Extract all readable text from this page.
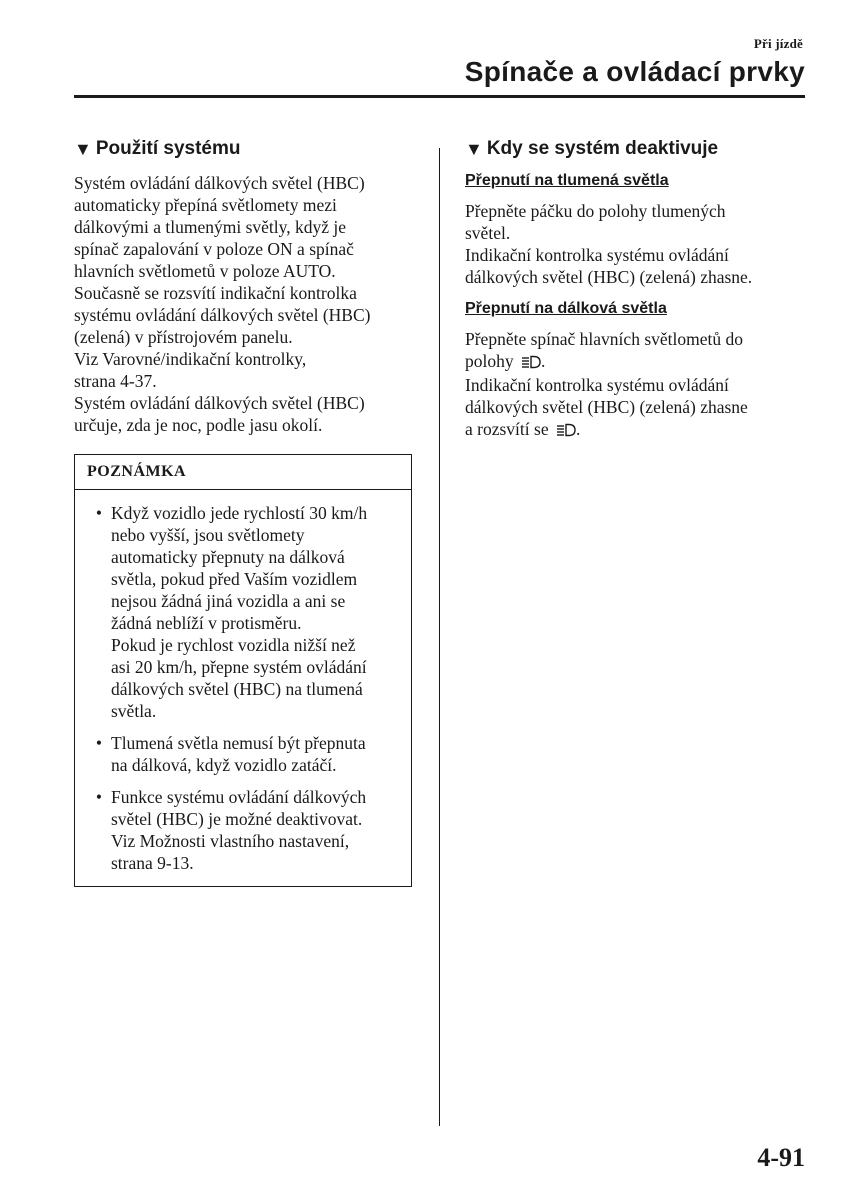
Při jízdě
Spínače a ovládací prvky
▼ Použití systému
Systém ovládání dálkových světel (HBC)
automaticky přepíná světlomety mezi
dálkovými a tlumenými světly, když je
spínač zapalování v poloze ON a spínač
hlavních světlometů v poloze AUTO.
Současně se rozsvítí indikační kontrolka
systému ovládání dálkových světel (HBC)
(zelená) v přístrojovém panelu.
Viz Varovné/indikační kontrolky,
strana 4-37.
Systém ovládání dálkových světel (HBC)
určuje, zda je noc, podle jasu okolí.
POZNÁMKA
• Když vozidlo jede rychlostí 30 km/h
nebo vyšší, jsou světlomety
automaticky přepnuty na dálková
světla, pokud před Vaším vozidlem
nejsou žádná jiná vozidla a ani se
žádná neblíží v protisměru.
Pokud je rychlost vozidla nižší než
asi 20 km/h, přepne systém ovládání
dálkových světel (HBC) na tlumená
světla.
• Tlumená světla nemusí být přepnuta
na dálková, když vozidlo zatáčí.
• Funkce systému ovládání dálkových
světel (HBC) je možné deaktivovat.
Viz Možnosti vlastního nastavení,
strana 9-13.
▼ Kdy se systém deaktivuje
Přepnutí na tlumená světla
Přepněte páčku do polohy tlumených
světel.
Indikační kontrolka systému ovládání
dálkových světel (HBC) (zelená) zhasne.
Přepnutí na dálková světla
Přepněte spínač hlavních světlometů do
polohy .
Indikační kontrolka systému ovládání
dálkových světel (HBC) (zelená) zhasne
a rozsvítí se .
4-91
